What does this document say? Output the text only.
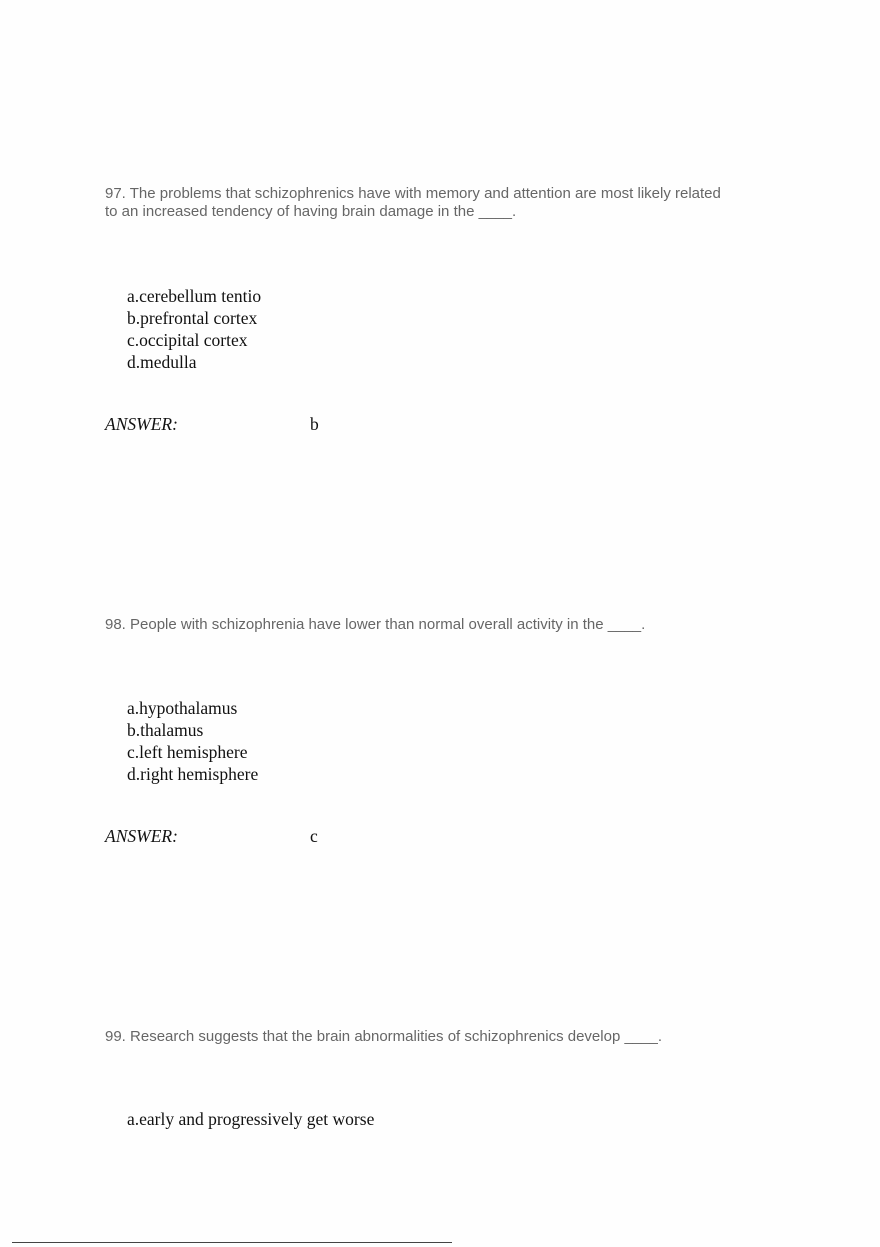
97. The problems that schizophrenics have with memory and attention are most likely related to an increased tendency of having brain damage in the ____.

a.cerebellum tentio
b.prefrontal cortex
c.occipital cortex
d.medulla
ANSWER:	b

98. People with schizophrenia have lower than normal overall activity in the ____.

a.hypothalamus
b.thalamus
c.left hemisphere
d.right hemisphere
ANSWER:	c

99. Research suggests that the brain abnormalities of schizophrenics develop ____.

a.early and progressively get worse
